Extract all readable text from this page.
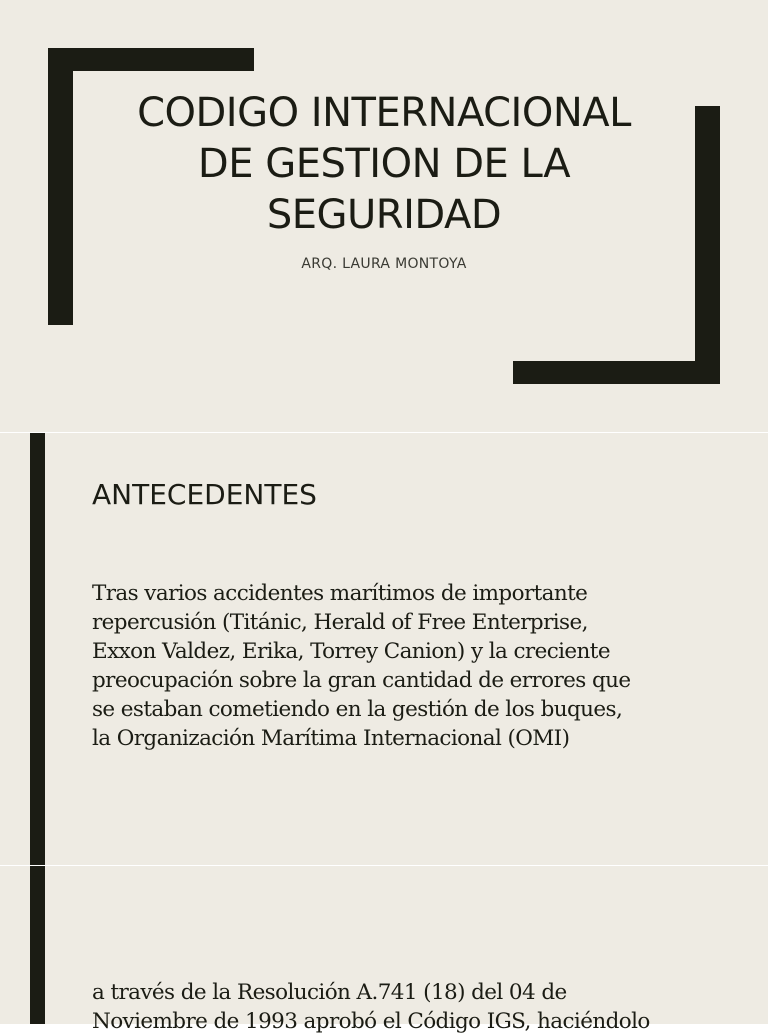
CODIGO INTERNACIONAL
DE GESTION DE LA
SEGURIDAD
ARQ. LAURA MONTOYA
ANTECEDENTES

Tras varios accidentes marítimos de importante
repercusión (Titánic, Herald of Free Enterprise,
Exxon Valdez, Erika, Torrey Canion) y la creciente
preocupación sobre la gran cantidad de errores que
se estaban cometiendo en la gestión de los buques,
la Organización Marítima Internacional (OMI)

a través de la Resolución A.741 (18) del 04 de
Noviembre de 1993 aprobó el Código IGS, haciéndolo
